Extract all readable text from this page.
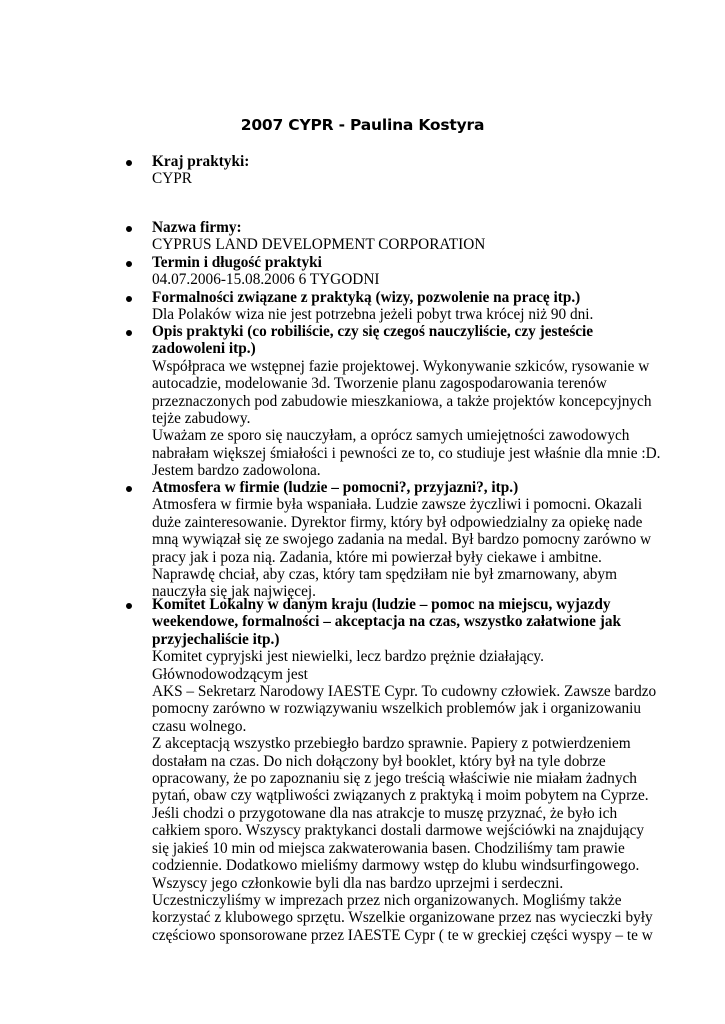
2007 CYPR - Paulina Kostyra
Kraj praktyki:
CYPR
Nazwa firmy:
CYPRUS LAND DEVELOPMENT CORPORATION
Termin i długość praktyki
04.07.2006-15.08.2006 6 TYGODNI
Formalności związane z praktyką (wizy, pozwolenie na pracę itp.)
Dla Polaków wiza nie jest potrzebna jeżeli pobyt trwa krócej niż 90 dni.
Opis praktyki (co robiliście, czy się czegoś nauczyliście, czy jesteście
zadowoleni itp.)
Współpraca we wstępnej fazie projektowej. Wykonywanie szkiców, rysowanie w
autocadzie, modelowanie 3d. Tworzenie planu zagospodarowania terenów
przeznaczonych pod zabudowie mieszkaniowa, a także projektów koncepcyjnych
tejże zabudowy.
Uważam ze sporo się nauczyłam, a oprócz samych umiejętności zawodowych
nabrałam większej śmiałości i pewności ze to, co studiuje jest właśnie dla mnie :D.
Jestem bardzo zadowolona.
Atmosfera w firmie (ludzie – pomocni?, przyjazni?, itp.)
Atmosfera w firmie była wspaniała. Ludzie zawsze życzliwi i pomocni. Okazali
duże zainteresowanie. Dyrektor firmy, który był odpowiedzialny za opiekę nade
mną wywiązał się ze swojego zadania na medal. Był bardzo pomocny zarówno w
pracy jak i poza nią. Zadania, które mi powierzał były ciekawe i ambitne.
Naprawdę chciał, aby czas, który tam spędziłam nie był zmarnowany, abym
nauczyła się jak najwięcej.
Komitet Lokalny w danym kraju (ludzie – pomoc na miejscu, wyjazdy
weekendowe, formalności – akceptacja na czas, wszystko załatwione jak
przyjechaliście itp.)
Komitet cypryjski jest niewielki, lecz bardzo prężnie działający.
Głównodowodzącym jest
AKS – Sekretarz Narodowy IAESTE Cypr. To cudowny człowiek. Zawsze bardzo
pomocny zarówno w rozwiązywaniu wszelkich problemów jak i organizowaniu
czasu wolnego.
Z akceptacją wszystko przebiegło bardzo sprawnie. Papiery z potwierdzeniem
dostałam na czas. Do nich dołączony był booklet, który był na tyle dobrze
opracowany, że po zapoznaniu się z jego treścią właściwie nie miałam żadnych
pytań, obaw czy wątpliwości związanych z praktyką i moim pobytem na Cyprze.
Jeśli chodzi o przygotowane dla nas atrakcje to muszę przyznać, że było ich
całkiem sporo. Wszyscy praktykanci dostali darmowe wejściówki na znajdujący
się jakieś 10 min od miejsca zakwaterowania basen. Chodziliśmy tam prawie
codziennie. Dodatkowo mieliśmy darmowy wstęp do klubu windsurfingowego.
Wszyscy jego członkowie byli dla nas bardzo uprzejmi i serdeczni.
Uczestniczyliśmy w imprezach przez nich organizowanych. Mogliśmy także
korzystać z klubowego sprzętu. Wszelkie organizowane przez nas wycieczki były
częściowo sponsorowane przez IAESTE Cypr ( te w greckiej części wyspy – te w
